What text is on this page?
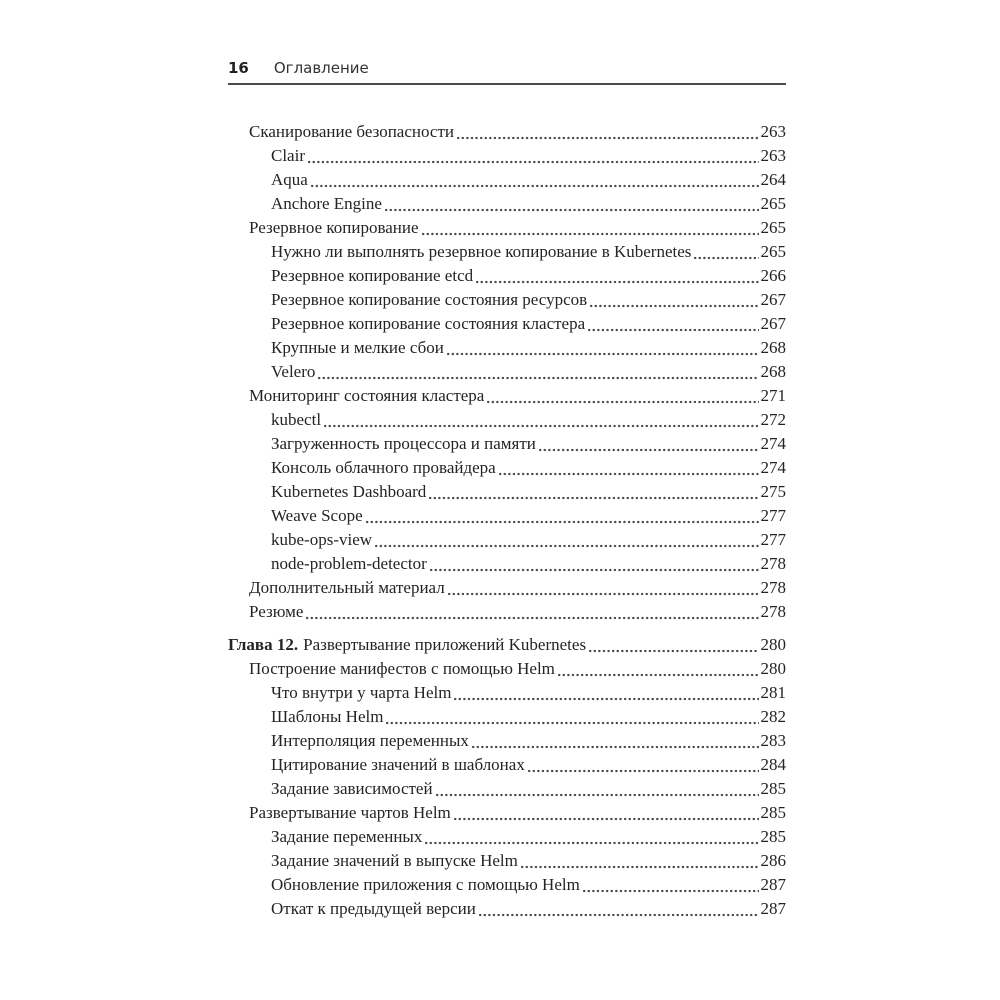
16 Оглавление
Сканирование безопасности	263
Clair	263
Aqua	264
Anchore Engine	265
Резервное копирование	265
Нужно ли выполнять резервное копирование в Kubernetes	265
Резервное копирование etcd	266
Резервное копирование состояния ресурсов	267
Резервное копирование состояния кластера	267
Крупные и мелкие сбои	268
Velero	268
Мониторинг состояния кластера	271
kubectl	272
Загруженность процессора и памяти	274
Консоль облачного провайдера	274
Kubernetes Dashboard	275
Weave Scope	277
kube-ops-view	277
node-problem-detector	278
Дополнительный материал	278
Резюме	278
Глава 12. Развертывание приложений Kubernetes	280
Построение манифестов с помощью Helm	280
Что внутри у чарта Helm	281
Шаблоны Helm	282
Интерполяция переменных	283
Цитирование значений в шаблонах	284
Задание зависимостей	285
Развертывание чартов Helm	285
Задание переменных	285
Задание значений в выпуске Helm	286
Обновление приложения с помощью Helm	287
Откат к предыдущей версии	287
